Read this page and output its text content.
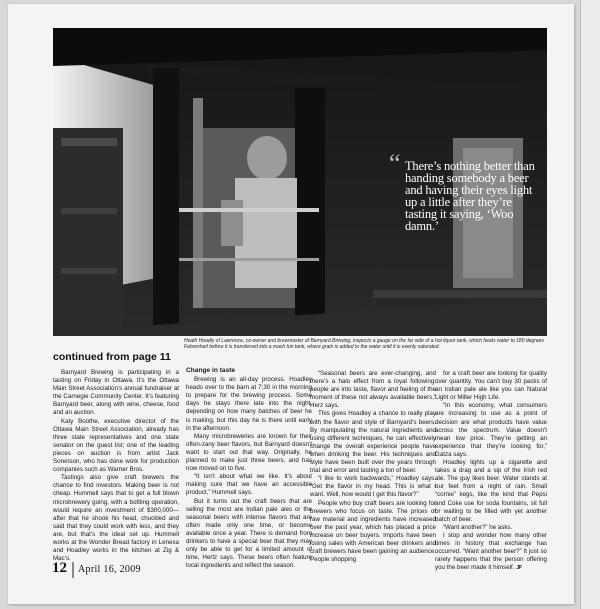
“ There’s nothing better than handing somebody a beer and having their eyes light up a little after they’re tasting it saying, ‘Woo damn.’

Heath Hoadly of Lawrence, co-owner and brewmaster of Barnyard Brewing, inspects a gauge on the far side of a hot liquor tank, which heats water to 180 degrees Fahrenheit before it is transferred into a mash tun tank, where grain is added to the water until it is evenly saturated.

continued from page 11

Barnyard Brewing is participating in a tasting on Friday in Ottawa. It’s the Ottawa Main Street Association’s annual fundraiser at the Carnegie Community Center. It’s featuring Barnyard beer, along with wine, cheese, food and an auction.

Katy Boothe, executive director of the Ottawa Main Street Association, already has three state representatives and one state senator on the guest list; one of the leading pieces on auction is from artist Jack Sorenson, who has done work for production companies such as Warner Bros.

Tastings also give craft brewers the chance to find investors. Making beer is not cheap. Hummell says that to get a full blown microbrewery going, with a bottling operation, would require an investment of $300,000—after that he shook his head, chuckled and said that they could work with less, and they are, but that’s the ideal set up. Hummell works at the Wonder Bread factory in Lenexa and Hoadley works in the kitchen at Zig & Mac’s.

Change in taste

Brewing is an all-day process. Hoadley heads over to the barn at 7:30 in the morning to prepare for the brewing process. Some days he stays there late into the night, depending on how many batches of beer he is making, but this day he is there until early in the afternoon.

Many microbreweries are known for their often-zany beer flavors, but Barnyard doesn’t want to start out that way. Originally, he planned to make just three beers, and has now moved on to five.

“It isn’t about what we like. It’s about making sure that we have an accessible product,” Hummell says.

But it turns out the craft beers that are selling the most are Indian pale ales or the seasonal beers with intense flavors that are often made only one time, or become available once a year. There is demand from drinkers to have a special beer that they may only be able to get for a limited amount of time, Hertz says. These beers often feature local ingredients and reflect the season.

“Seasonal beers are ever-changing, and there’s a halo effect from a loyal following: people are into taste, flavor and feeling of the moment of these not always available beers,” Herz says.

This gives Hoadley a chance to really play with the flavor and style of Barnyard’s beers. By manipulating the natural ingredients and using different techniques, he can effectively change the overall experience people have when drinking the beer. His techniques and style have been built over the years through trial and error and tasting a ton of beer.

“I like to work backwards,” Hoadley says. “Get the flavor in my head. This is what I want. Well, how would I get this flavor?”

People who buy craft beers are looking for brewers who focus on taste. The prices of raw material and ingredients have increased over the past year, which has placed a price increase on beer buyers. Imports have been losing sales with American beer drinkers and craft brewers have been gaining an audience. People shopping

for a craft beer are looking for quality over quantity. You can’t buy 30 packs of an Indian pale ale like you can Natural Light or Miller High Life.

“In this economy, what consumers are increasing to use as a point of decision are what products have value across the spectrum. Value doesn’t mean low price. They’re getting an experience that they’re looking for,” Gatza says.

Hoadley lights up a cigarette and takes a drag and a sip of the Irish red ale. The guy likes beer. Water stands at our feet from a night of rain. Small “cornie” kegs, like the kind that Pepsi and Coke use for soda fountains, sit full or waiting to be filled with yet another batch of beer.

“Want another?” he asks.

I stop and wonder how many other times in history that exchange has occurred. “Want another beer?” It just so rarely happens that the person offering you the beer made it himself. JP

12 April 16, 2009
